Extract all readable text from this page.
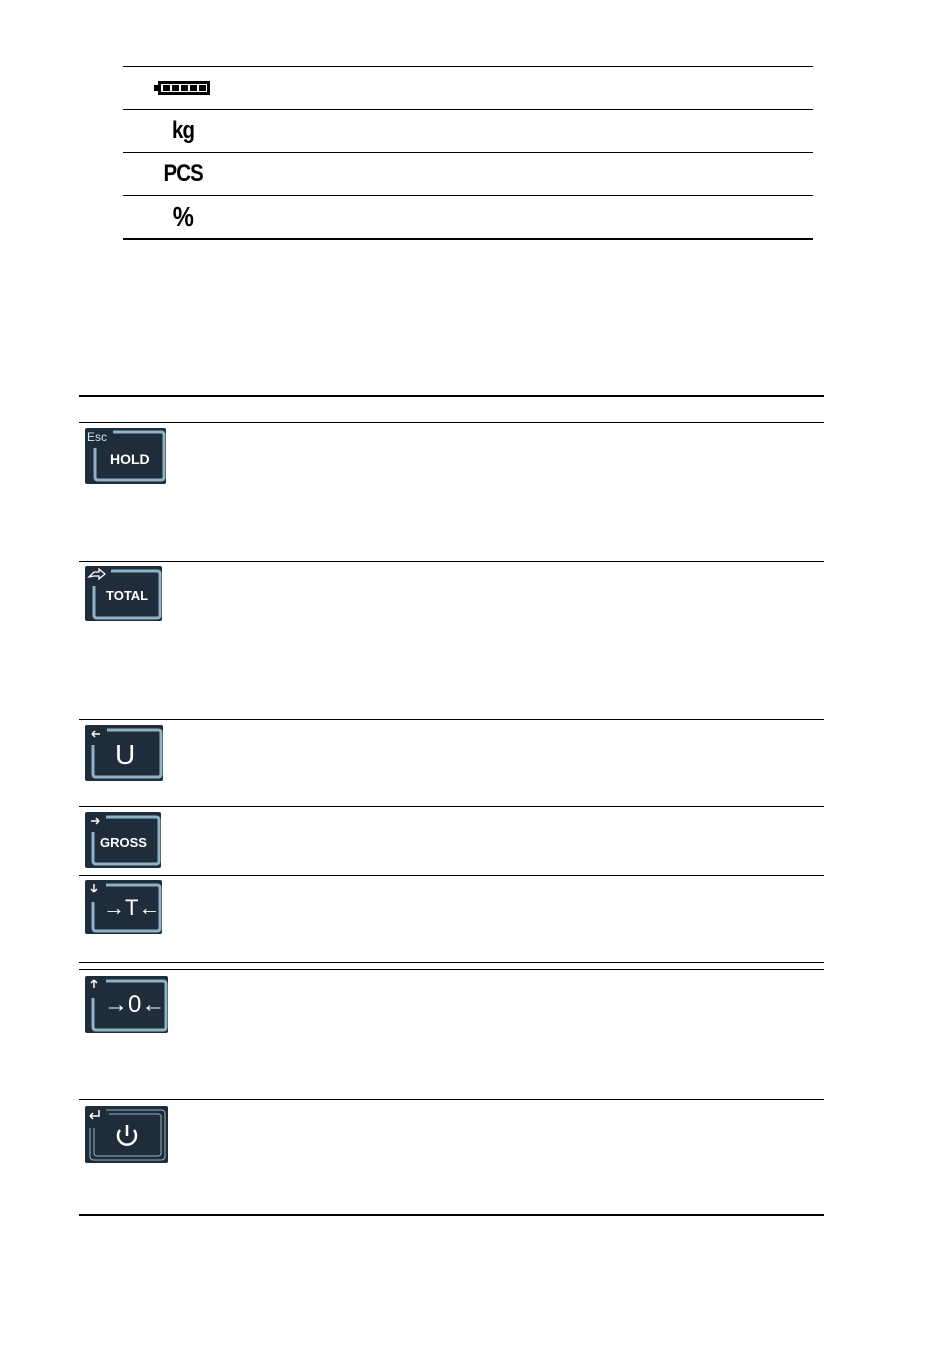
kg
PCS
%
Esc
HOLD
TOTAL
U
GROSS
→T←
→0←
